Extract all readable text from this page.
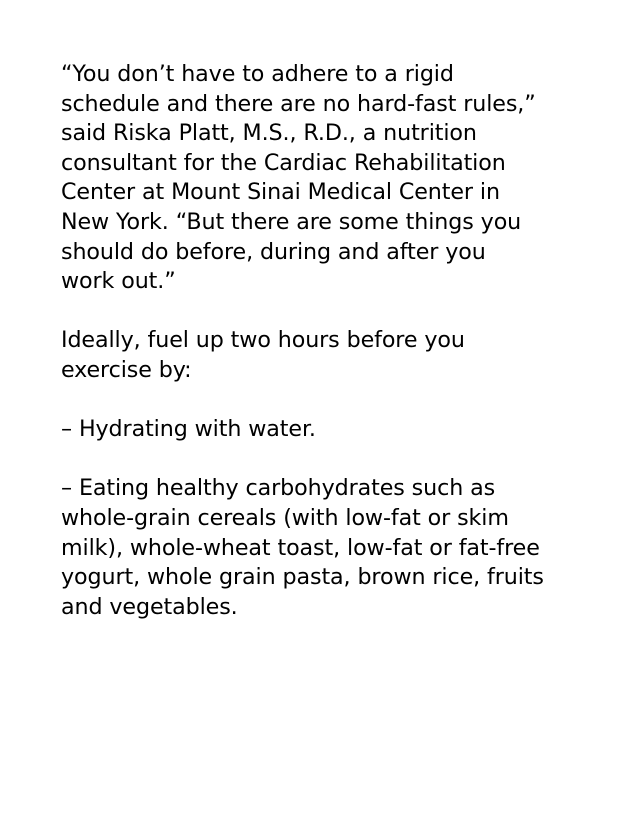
“You don’t have to adhere to a rigid
schedule and there are no hard-fast rules,”
said Riska Platt, M.S., R.D., a nutrition
consultant for the Cardiac Rehabilitation
Center at Mount Sinai Medical Center in
New York. “But there are some things you
should do before, during and after you
work out.”

Ideally, fuel up two hours before you
exercise by:

– Hydrating with water.

– Eating healthy carbohydrates such as
whole-grain cereals (with low-fat or skim
milk), whole-wheat toast, low-fat or fat-free
yogurt, whole grain pasta, brown rice, fruits
and vegetables.
